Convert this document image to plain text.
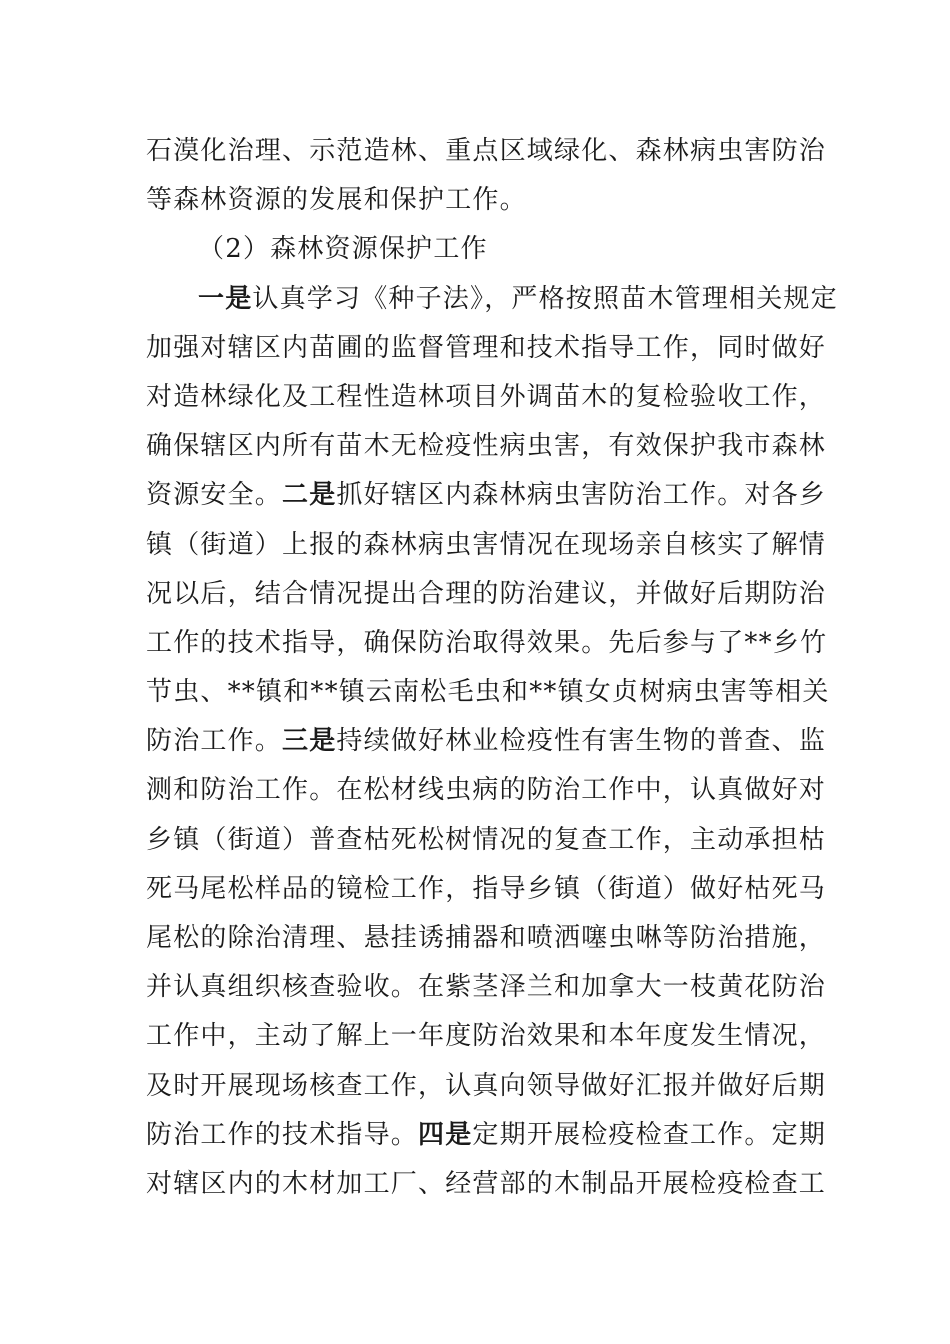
石漠化治理、示范造林、重点区域绿化、森林病虫害防治
等森林资源的发展和保护工作。
（2）森林资源保护工作
一是认真学习《种子法》，严格按照苗木管理相关规定
加强对辖区内苗圃的监督管理和技术指导工作，同时做好
对造林绿化及工程性造林项目外调苗木的复检验收工作，
确保辖区内所有苗木无检疫性病虫害，有效保护我市森林
资源安全。二是抓好辖区内森林病虫害防治工作。对各乡
镇（街道）上报的森林病虫害情况在现场亲自核实了解情
况以后，结合情况提出合理的防治建议，并做好后期防治
工作的技术指导，确保防治取得效果。先后参与了**乡竹
节虫、**镇和**镇云南松毛虫和**镇女贞树病虫害等相关
防治工作。三是持续做好林业检疫性有害生物的普查、监
测和防治工作。在松材线虫病的防治工作中，认真做好对
乡镇（街道）普查枯死松树情况的复查工作，主动承担枯
死马尾松样品的镜检工作，指导乡镇（街道）做好枯死马
尾松的除治清理、悬挂诱捕器和喷洒噻虫啉等防治措施，
并认真组织核查验收。在紫茎泽兰和加拿大一枝黄花防治
工作中，主动了解上一年度防治效果和本年度发生情况，
及时开展现场核查工作，认真向领导做好汇报并做好后期
防治工作的技术指导。四是定期开展检疫检查工作。定期
对辖区内的木材加工厂、经营部的木制品开展检疫检查工
